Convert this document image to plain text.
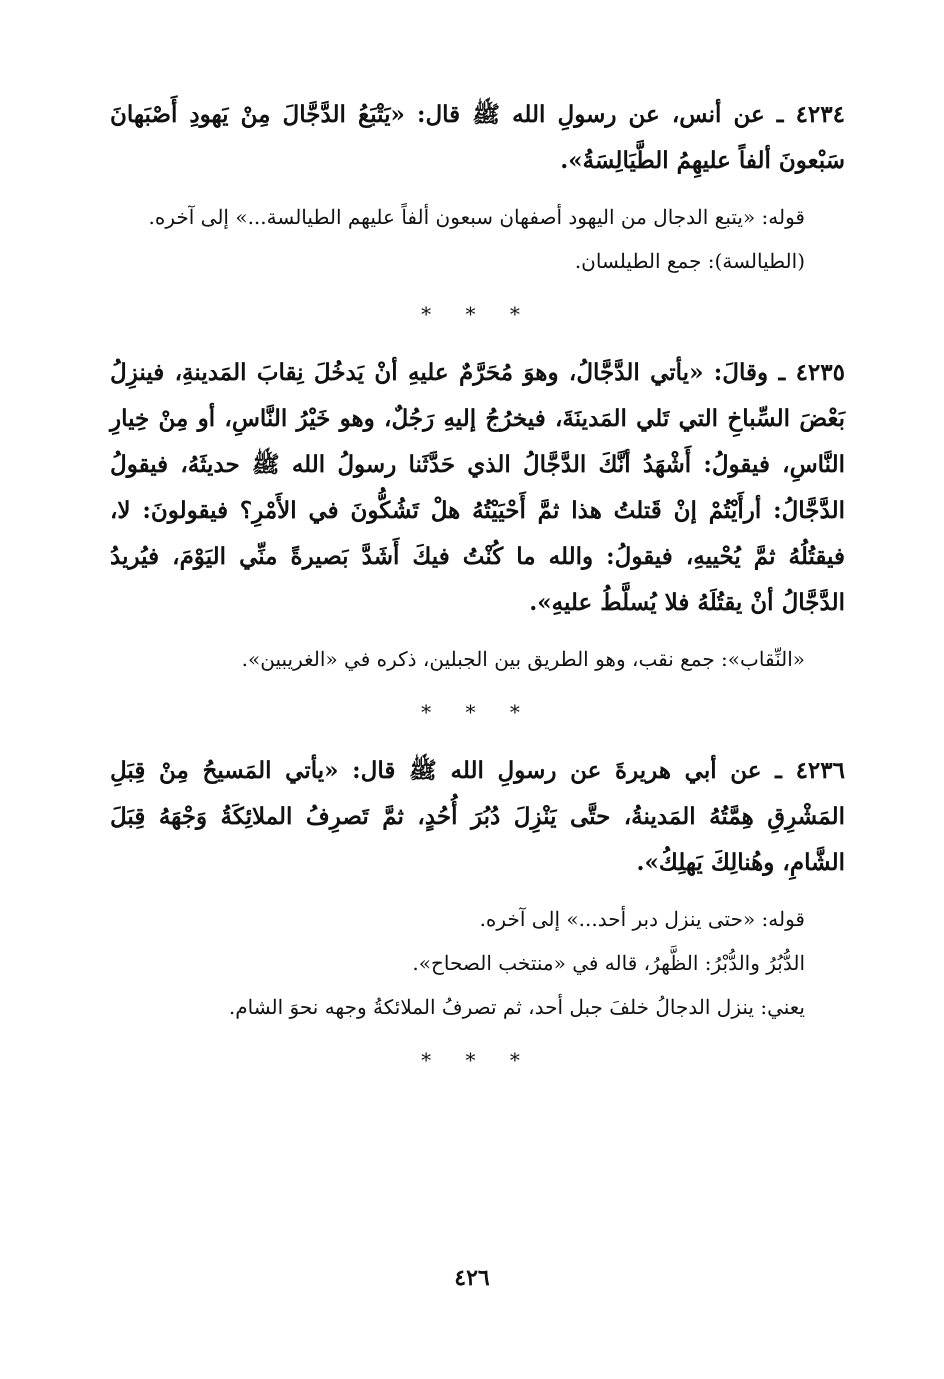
٤٢٣٤ ـ عن أنس، عن رسولِ الله ﷺ قال: «يَتْبَعُ الدَّجَّالَ مِنْ يَهودِ أَصْبَهانَ سَبْعونَ ألفاً عليهِمُ الطَّيَالِسَةُ».

قوله: «يتبع الدجال من اليهود أصفهان سبعون ألفاً عليهم الطيالسة...» إلى آخره.

(الطيالسة): جمع الطيلسان.

* * *

٤٢٣٥ ـ وقالَ: «يأتي الدَّجَّالُ، وهوَ مُحَرَّمٌ عليهِ أنْ يَدخُلَ نِقابَ المَدينةِ، فينزِلُ بَعْضَ السِّباخِ التي تَلي المَدينَةَ، فيخرُجُ إليهِ رَجُلٌ، وهو خَيْرُ النَّاسِ، أو مِنْ خِيارِ النَّاسِ، فيقولُ: أَشْهَدُ أنَّكَ الدَّجَّالُ الذي حَدَّثَنا رسولُ الله ﷺ حديثَهُ، فيقولُ الدَّجَّالُ: أرأَيْتُمْ إنْ قَتلتُ هذا ثمَّ أَحْيَيْتُهُ هلْ تَشُكُّونَ في الأَمْرِ؟ فيقولونَ: لا، فيقتُلُهُ ثمَّ يُحْييهِ، فيقولُ: والله ما كُنْتُ فيكَ أَشَدَّ بَصيرةً منِّي اليَوْمَ، فيُريدُ الدَّجَّالُ أنْ يقتُلَهُ فلا يُسلَّطُ عليهِ».

«النِّقاب»: جمع نقب، وهو الطريق بين الجبلين، ذكره في «الغريبين».

* * *

٤٢٣٦ ـ عن أبي هريرةَ عن رسولِ الله ﷺ قال: «يأتي المَسيحُ مِنْ قِبَلِ المَشْرِقِ هِمَّتُهُ المَدينةُ، حتَّى يَنْزِلَ دُبُرَ أُحُدٍ، ثمَّ تَصرِفُ الملائِكَةُ وَجْهَهُ قِبَلَ الشَّامِ، وهُنالِكَ يَهلِكُ».

قوله: «حتى ينزل دبر أحد...» إلى آخره.

الدُّبُرُ والدُّبْرُ: الظَّهرُ، قاله في «منتخب الصحاح».

يعني: ينزل الدجالُ خلفَ جبل أحد، ثم تصرفُ الملائكةُ وجهه نحوَ الشام.

* * *
٤٢٦
